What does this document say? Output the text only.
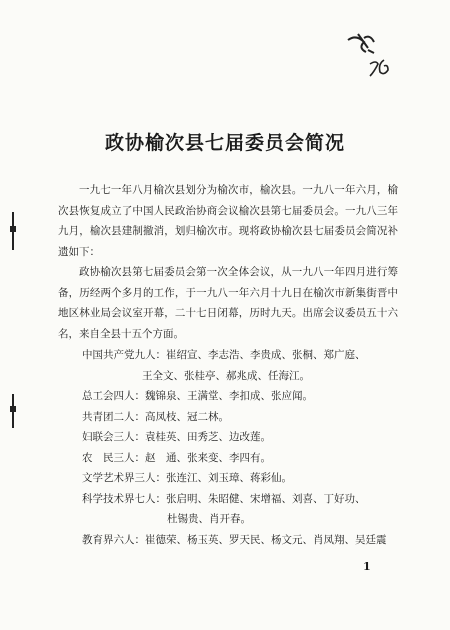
政协榆次县七届委员会简况

一九七一年八月榆次县划分为榆次市，榆次县。一九八一年六月，榆次县恢复成立了中国人民政治协商会议榆次县第七届委员会。一九八三年九月，榆次县建制撤消，划归榆次市。现将政协榆次县七届委员会简况补遗如下：

政协榆次县第七届委员会第一次全体会议，从一九八一年四月进行筹备，历经两个多月的工作，于一九八一年六月十九日在榆次市新集街晋中地区林业局会议室开幕，二十七日闭幕，历时九天。出席会议委员五十六名，来自全县十五个方面。

中国共产党九人： 崔绍宣、李志浩、李贵成、张桐、郑广庭、
王全文、张桂亭、郝兆成、任海江。
总工会四人： 魏锦泉、王满堂、李扣成、张应闻。
共青团二人： 高凤枝、冠二林。
妇联会三人： 袁桂英、田秀芝、边改莲。
农　民三人： 赵　通、张来变、李四有。
文学艺术界三人： 张连江、刘玉璋、蒋彩仙。
科学技术界七人： 张启明、朱昭健、宋增福、刘喜、丁好功、
杜锡贵、肖开春。
教育界六人： 崔德荣、杨玉英、罗天民、杨文元、肖凤翔、吴廷震
1
